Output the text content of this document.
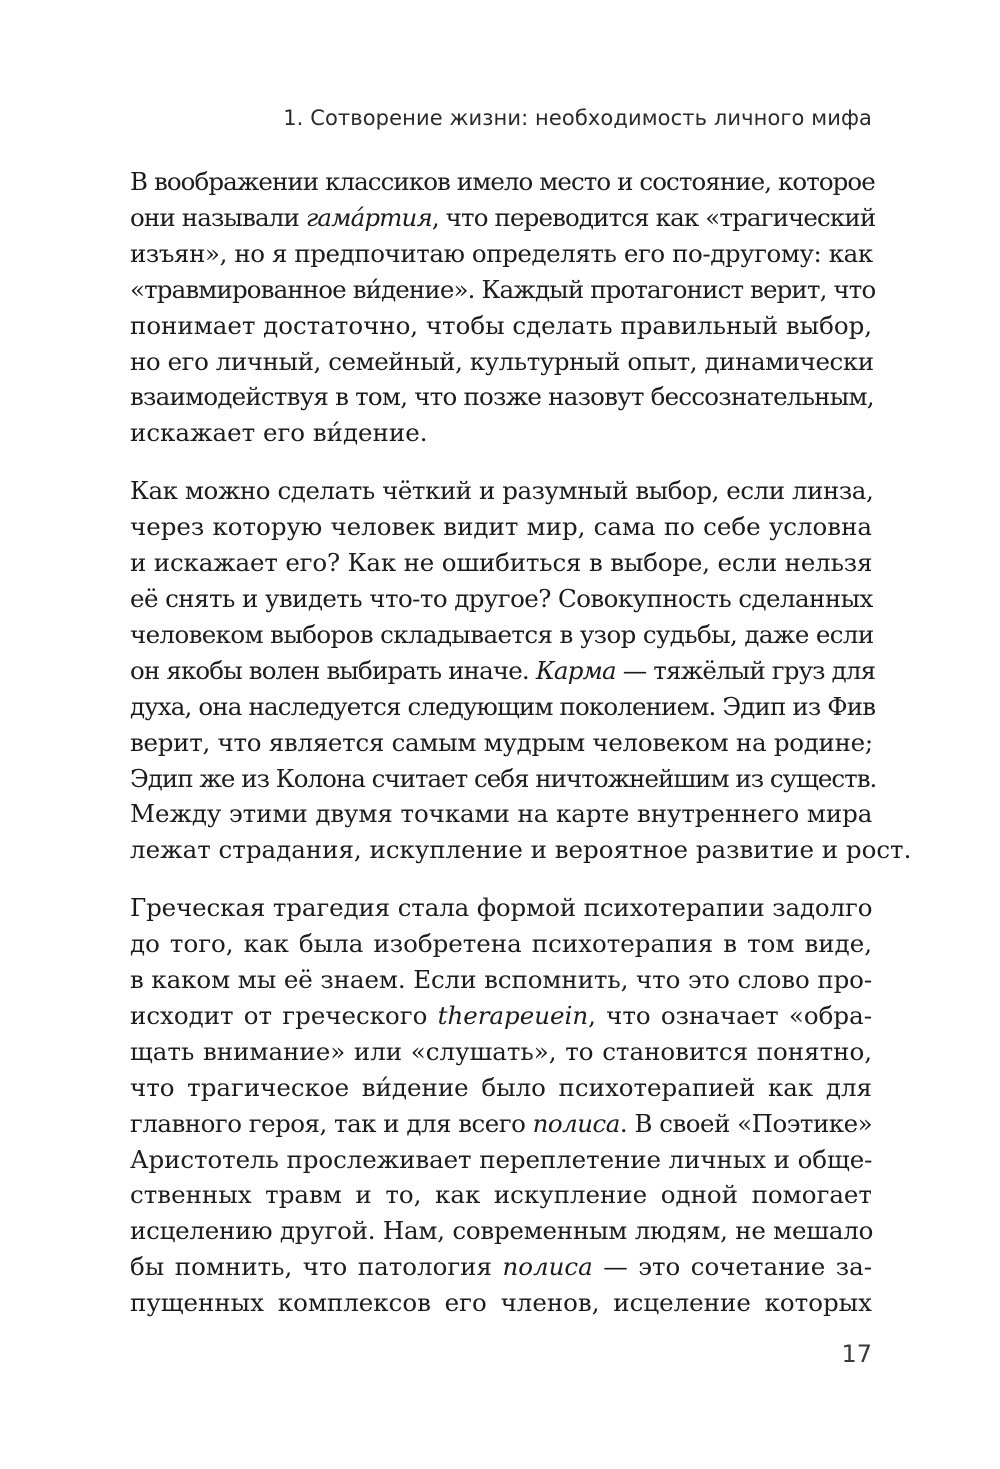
1. Сотворение жизни: необходимость личного мифа
В воображении классиков имело место и состояние, которое
они называли гама́ртия, что переводится как «трагический
изъян», но я предпочитаю определять его по-другому: как
«травмированное ви́дение». Каждый протагонист верит, что
понимает достаточно, чтобы сделать правильный выбор,
но его личный, семейный, культурный опыт, динамически
взаимодействуя в том, что позже назовут бессознательным,
искажает его ви́дение.
Как можно сделать чёткий и разумный выбор, если линза,
через которую человек видит мир, сама по себе условна
и искажает его? Как не ошибиться в выборе, если нельзя
её снять и увидеть что-то другое? Совокупность сделанных
человеком выборов складывается в узор судьбы, даже если
он якобы волен выбирать иначе. Карма — тяжёлый груз для
духа, она наследуется следующим поколением. Эдип из Фив
верит, что является самым мудрым человеком на родине;
Эдип же из Колона считает себя ничтожнейшим из существ.
Между этими двумя точками на карте внутреннего мира
лежат страдания, искупление и вероятное развитие и рост.
Греческая трагедия стала формой психотерапии задолго
до того, как была изобретена психотерапия в том виде,
в каком мы её знаем. Если вспомнить, что это слово про-
исходит от греческого therapeuein, что означает «обра-
щать внимание» или «слушать», то становится понятно,
что трагическое ви́дение было психотерапией как для
главного героя, так и для всего полиса. В своей «Поэтике»
Аристотель прослеживает переплетение личных и обще-
ственных травм и то, как искупление одной помогает
исцелению другой. Нам, современным людям, не мешало
бы помнить, что патология полиса — это сочетание за-
пущенных комплексов его членов, исцеление которых
17
